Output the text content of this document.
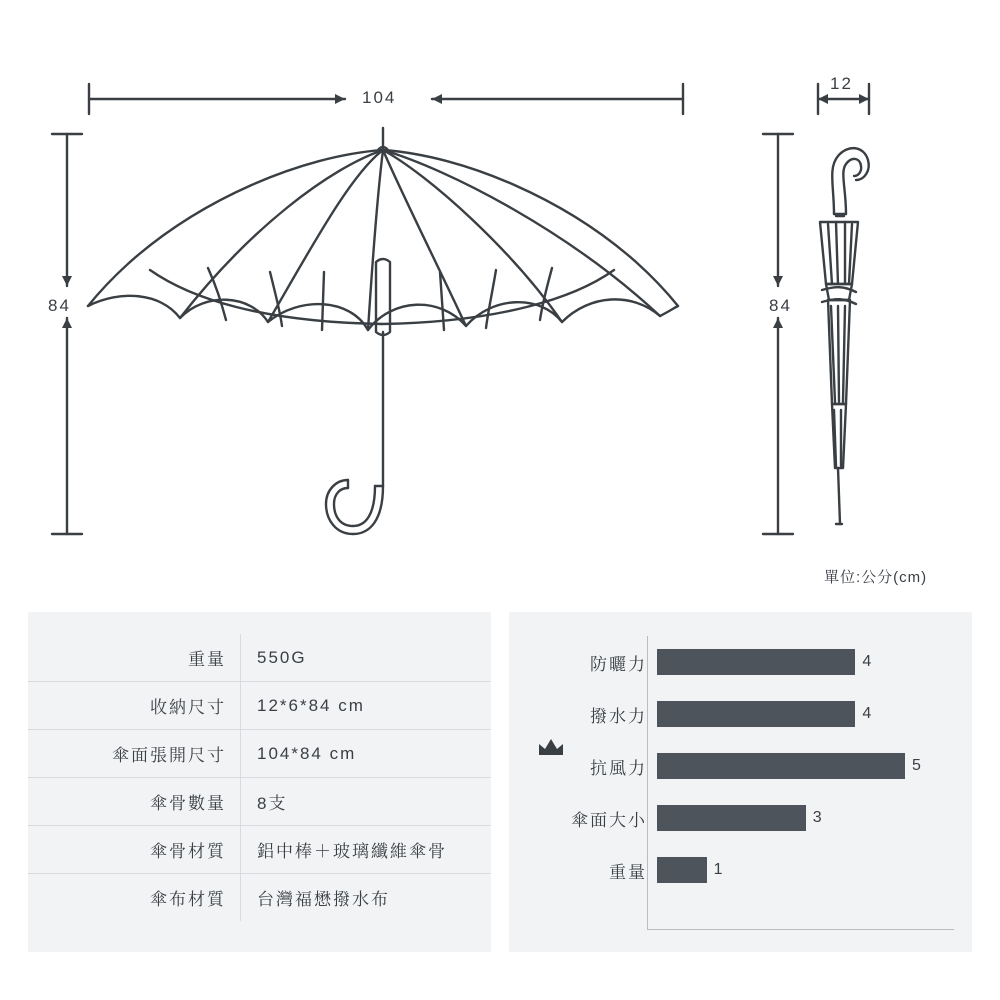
104
84
12
84
單位:公分(cm)
重量	550G
收納尺寸	12*6*84 cm
傘面張開尺寸	104*84 cm
傘骨數量	8支
傘骨材質	鋁中棒＋玻璃纖維傘骨
傘布材質	台灣福懋撥水布
防曬力	4
撥水力	4
抗風力	5
傘面大小	3
重量	1
